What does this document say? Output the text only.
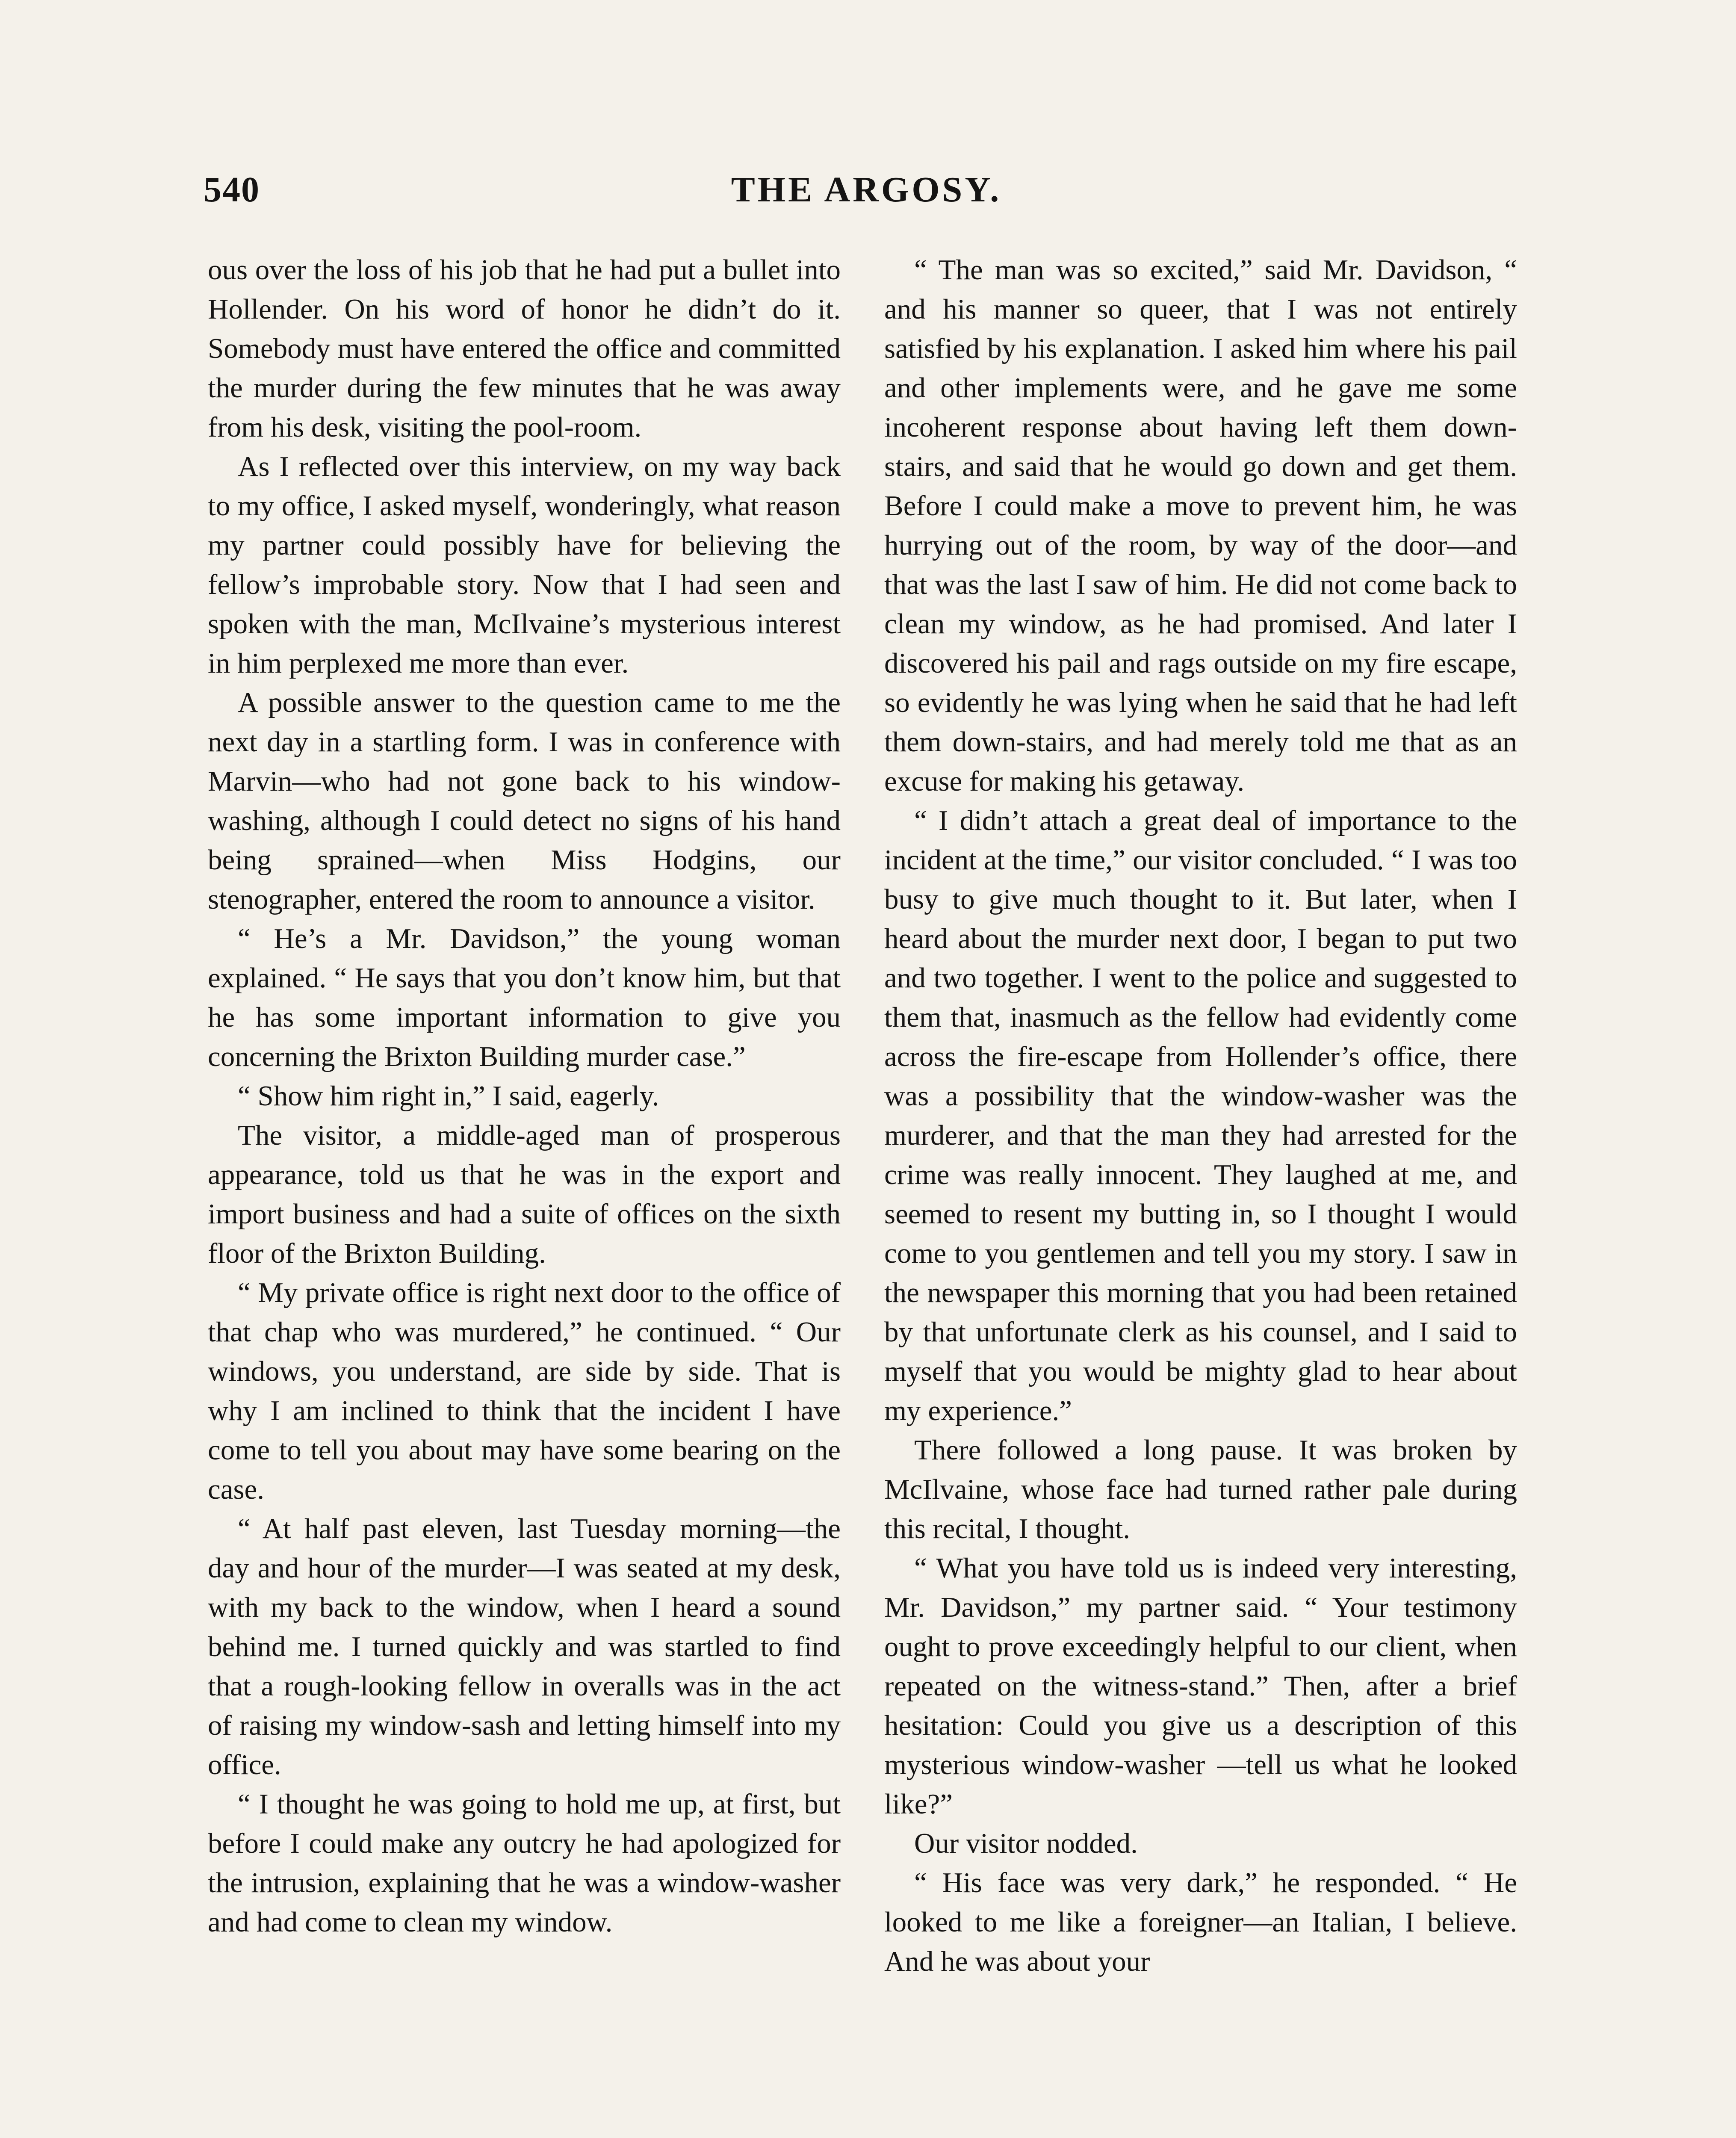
540	THE ARGOSY.

ous over the loss of his job that he had put a bullet into Hollender. On his word of honor he didn’t do it. Somebody must have entered the office and committed the murder during the few minutes that he was away from his desk, visiting the pool-room.

As I reflected over this interview, on my way back to my office, I asked myself, wonderingly, what reason my partner could possibly have for believing the fellow’s improbable story. Now that I had seen and spoken with the man, McIlvaine’s mysterious interest in him perplexed me more than ever.

A possible answer to the question came to me the next day in a startling form. I was in conference with Marvin—who had not gone back to his window-washing, although I could detect no signs of his hand being sprained—when Miss Hodgins, our stenographer, entered the room to announce a visitor.

“ He’s a Mr. Davidson,” the young woman explained. “ He says that you don’t know him, but that he has some important information to give you concerning the Brixton Building murder case.”

“ Show him right in,” I said, eagerly.

The visitor, a middle-aged man of prosperous appearance, told us that he was in the export and import business and had a suite of offices on the sixth floor of the Brixton Building.

“ My private office is right next door to the office of that chap who was murdered,” he continued. “ Our windows, you understand, are side by side. That is why I am inclined to think that the incident I have come to tell you about may have some bearing on the case.

“ At half past eleven, last Tuesday morning—the day and hour of the murder—I was seated at my desk, with my back to the window, when I heard a sound behind me. I turned quickly and was startled to find that a rough-looking fellow in overalls was in the act of raising my window-sash and letting himself into my office.

“ I thought he was going to hold me up, at first, but before I could make any outcry he had apologized for the intrusion, explaining that he was a window-washer and had come to clean my window.

“ The man was so excited,” said Mr. Davidson, “ and his manner so queer, that I was not entirely satisfied by his explanation. I asked him where his pail and other implements were, and he gave me some incoherent response about having left them down-stairs, and said that he would go down and get them. Before I could make a move to prevent him, he was hurrying out of the room, by way of the door—and that was the last I saw of him. He did not come back to clean my window, as he had promised. And later I discovered his pail and rags outside on my fire escape, so evidently he was lying when he said that he had left them down-stairs, and had merely told me that as an excuse for making his getaway.

“ I didn’t attach a great deal of importance to the incident at the time,” our visitor concluded. “ I was too busy to give much thought to it. But later, when I heard about the murder next door, I began to put two and two together. I went to the police and suggested to them that, inasmuch as the fellow had evidently come across the fire-escape from Hollender’s office, there was a possibility that the window-washer was the murderer, and that the man they had arrested for the crime was really innocent. They laughed at me, and seemed to resent my butting in, so I thought I would come to you gentlemen and tell you my story. I saw in the newspaper this morning that you had been retained by that unfortunate clerk as his counsel, and I said to myself that you would be mighty glad to hear about my experience.”

There followed a long pause. It was broken by McIlvaine, whose face had turned rather pale during this recital, I thought.

“ What you have told us is indeed very interesting, Mr. Davidson,” my partner said. “ Your testimony ought to prove exceedingly helpful to our client, when repeated on the witness-stand.” Then, after a brief hesitation: Could you give us a description of this mysterious window-washer —tell us what he looked like?”

Our visitor nodded.

“ His face was very dark,” he responded. “ He looked to me like a foreigner—an Italian, I believe. And he was about your
